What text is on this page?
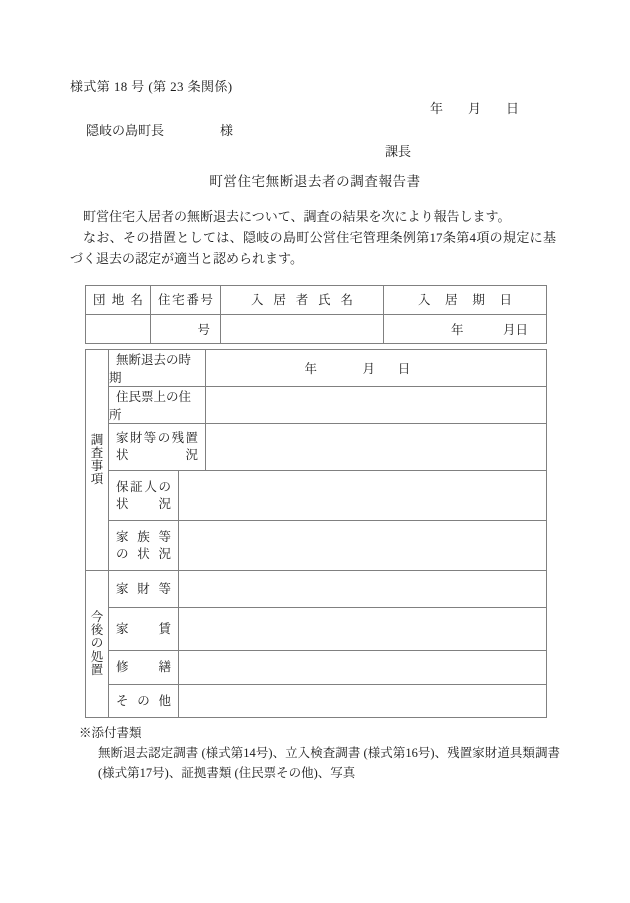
様式第 18 号 (第 23 条関係)
年 月 日
隠岐の島町長	様
課長
町営住宅無断退去者の調査報告書
町営住宅入居者の無断退去について、調査の結果を次により報告します。
なお、その措置としては、隠岐の島町公営住宅管理条例第17条第4項の規定に基づく退去の認定が適当と認められます。
団地名	住宅番号	入居者氏名	入居期日

	号		年 月日
調
査
事
項	無断退去の時期		年 月 日

	住民票上の住所		

	家財等の残置
状況		

	保証人の
状況		

	家族等
の状況		

今
後
の
処
置	家財等		

	家賃		

	修繕		

	その他		

※添付書類
無断退去認定調書 (様式第14号)、立入検査調書 (様式第16号)、残置家財道具類調書 (様式第17号)、証拠書類 (住民票その他)、写真
